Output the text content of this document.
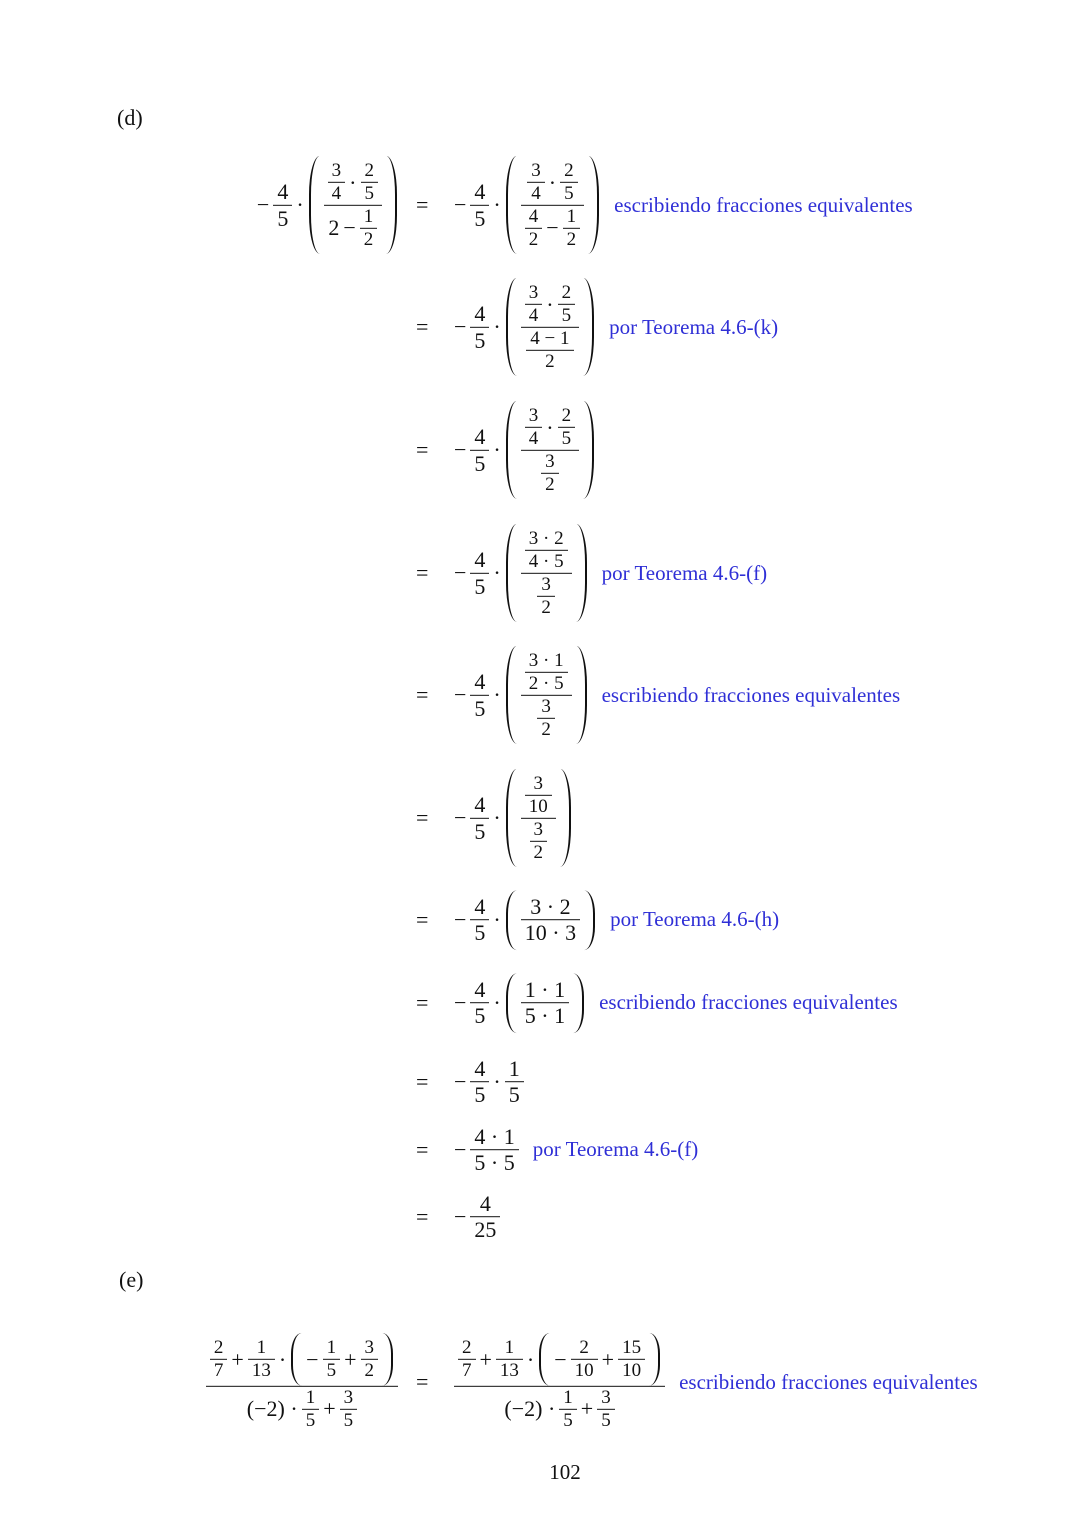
(d)
− $\frac{4}{5} \cdot \frac{\frac{3}{4} \cdot \frac{2}{5}}{2 - \frac{1}{2}}$ = − $\frac{4}{5} \cdot \frac{\frac{3}{4} \cdot \frac{2}{5}}{\frac{4}{2} - \frac{1}{2}}$ escribiendo fracciones equivalentes
= − $\frac{4}{5} \cdot \frac{\frac{3}{4} \cdot \frac{2}{5}}{\frac{4 - 1}{2}}$ por Teorema 4.6-(k)
= − $\frac{4}{5} \cdot \frac{\frac{3}{4} \cdot \frac{2}{5}}{\frac{3}{2}}$
= − $\frac{4}{5} \cdot \frac{\frac{3 \cdot 2}{4 \cdot 5}}{\frac{3}{2}}$ por Teorema 4.6-(f)
= − $\frac{4}{5} \cdot \frac{\frac{3 \cdot 1}{2 \cdot 5}}{\frac{3}{2}}$ escribiendo fracciones equivalentes
= − $\frac{4}{5} \cdot \frac{\frac{3}{10}}{\frac{3}{2}}$
= − $\frac{4}{5} \cdot \frac{3 \cdot 2}{10 \cdot 3}$ por Teorema 4.6-(h)
= − $\frac{4}{5} \cdot \frac{1 \cdot 1}{5 \cdot 1}$ escribiendo fracciones equivalentes
= − $\frac{4}{5} \cdot \frac{1}{5}$
= − $\frac{4 \cdot 1}{5 \cdot 5}$ por Teorema 4.6-(f)
= − $\frac{4}{25}$
(e)
$\frac{\frac{2}{7} + \frac{1}{13} \cdot - \frac{1}{5} + \frac{3}{2}}{(-2) \cdot \frac{1}{5} + \frac{3}{5}} = \frac{\frac{2}{7} + \frac{1}{13} \cdot - \frac{2}{10} + \frac{15}{10}}{(-2) \cdot \frac{1}{5} + \frac{3}{5}}$ escribiendo fracciones equivalentes
102
